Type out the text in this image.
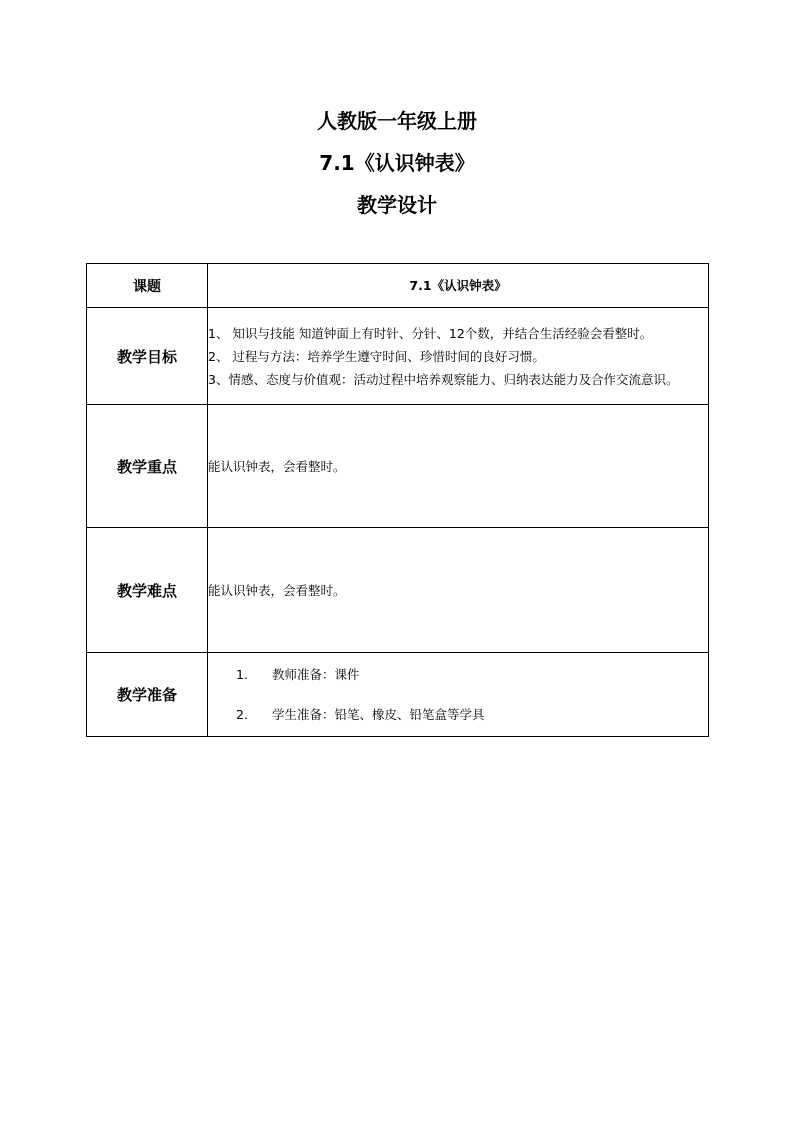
人教版一年级上册
7.1《认识钟表》
教学设计
课题	7.1《认识钟表》
教学目标	1、 知识与技能 知道钟面上有时针、分针、12个数，并结合生活经验会看整时。
2、 过程与方法：培养学生遵守时间、珍惜时间的良好习惯。
3、情感、态度与价值观：活动过程中培养观察能力、归纳表达能力及合作交流意识。

教学重点	能认识钟表，会看整时。
教学难点	能认识钟表，会看整时。
教学准备	1. 教师准备：课件
2. 学生准备：铅笔、橡皮、铅笔盒等学具
